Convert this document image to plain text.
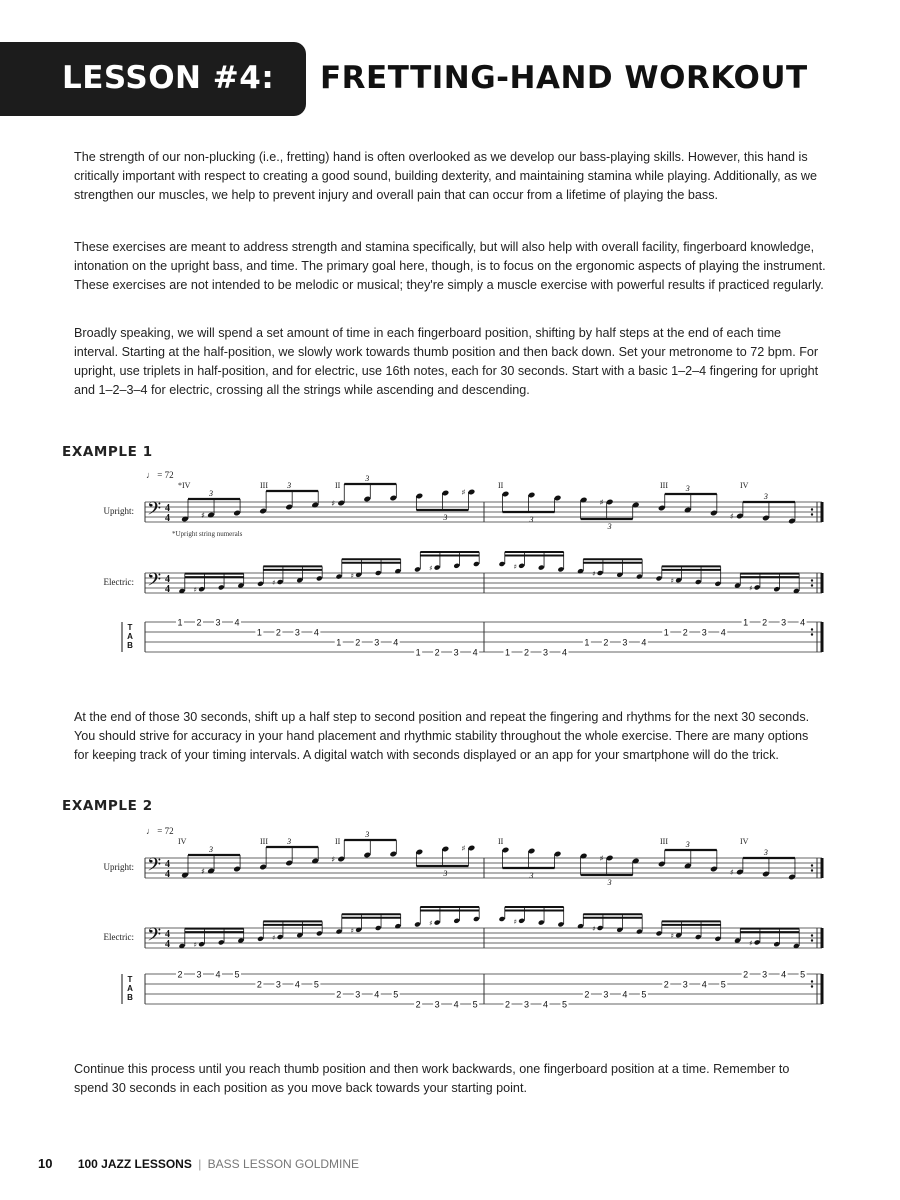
LESSON #4: FRETTING-HAND WORKOUT

The strength of our non-plucking (i.e., fretting) hand is often overlooked as we develop our bass-playing skills. However, this hand is critically important with respect to creating a good sound, building dexterity, and maintaining stamina while playing. Additionally, as we strengthen our muscles, we help to prevent injury and overall pain that can occur from a lifetime of playing the bass.

These exercises are meant to address strength and stamina specifically, but will also help with overall facility, fingerboard knowledge, intonation on the upright bass, and time. The primary goal here, though, is to focus on the ergonomic aspects of playing the instrument. These exercises are not intended to be melodic or musical; they're simply a muscle exercise with powerful results if practiced regularly.

Broadly speaking, we will spend a set amount of time in each fingerboard position, shifting by half steps at the end of each time interval. Starting at the half-position, we slowly work towards thumb position and then back down. Set your metronome to 72 bpm. For upright, use triplets in half-position, and for electric, use 16th notes, each for 30 seconds. Start with a basic 1–2–4 fingering for upright and 1–2–3–4 for electric, crossing all the strings while ascending and descending.

EXAMPLE 1
♩ = 72
Upright: 𝄢 4
4	♯
3
3
♯
3
♯
3	3
♯
3
3
♯
3
*IV	III	II	II	III	IV
*Upright string numerals
Electric: 𝄢 4
4	♯
♯
♯
♯	♯
♯
♯
♯
T
A
B
1 2 3 4
1 2 3 4
1 2 3 4
1 2 3 4	1 2 3 4
1 2 3 4
1 2 3 4
1 2 3 4

At the end of those 30 seconds, shift up a half step to second position and repeat the fingering and rhythms for the next 30 seconds. You should strive for accuracy in your hand placement and rhythmic stability throughout the whole exercise. There are many options for keeping track of your timing intervals. A digital watch with seconds displayed or an app for your smartphone will do the trick.

EXAMPLE 2
♩ = 72
Upright: 𝄢 4
4	♯
3
3
♯
3
♯
3	3
♯
3
3
♯
3
IV	III	II	II	III	IV
Electric: 𝄢 4
4	♯
♯
♯
♯	♯
♯
♯
♯
T
A
B
2 3 4 5
2 3 4 5
2 3 4 5
2 3 4 5	2 3 4 5
2 3 4 5
2 3 4 5
2 3 4 5

Continue this process until you reach thumb position and then work backwards, one fingerboard position at a time. Remember to spend 30 seconds in each position as you move back towards your starting point.

10 100 JAZZ LESSONS | BASS LESSON GOLDMINE
